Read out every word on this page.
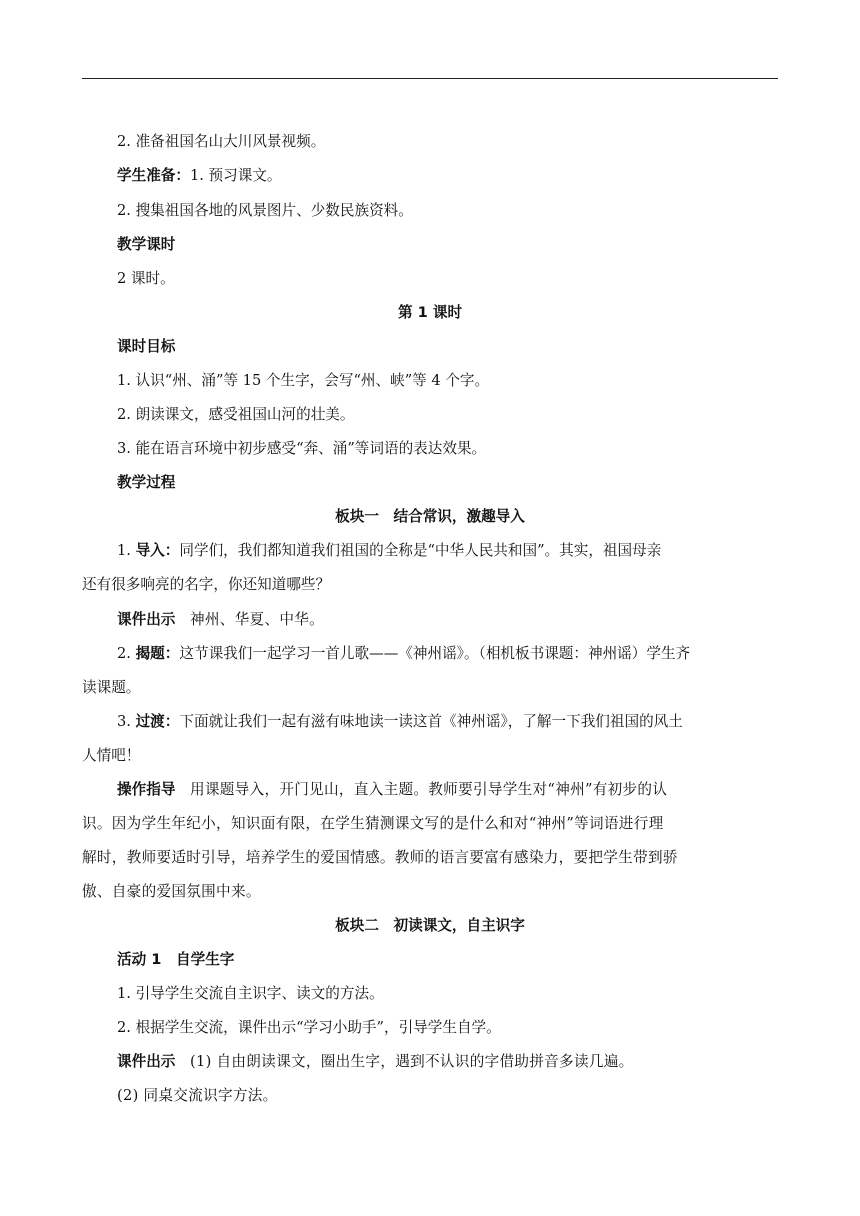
2. 准备祖国名山大川风景视频。
学生准备：1. 预习课文。
2. 搜集祖国各地的风景图片、少数民族资料。
教学课时
2 课时。
第 1 课时
课时目标
1. 认识“州、涌”等 15 个生字，会写“州、峡”等 4 个字。
2. 朗读课文，感受祖国山河的壮美。
3. 能在语言环境中初步感受“奔、涌”等词语的表达效果。
教学过程
板块一　结合常识，激趣导入
1. 导入：同学们，我们都知道我们祖国的全称是“中华人民共和国”。其实，祖国母亲
还有很多响亮的名字，你还知道哪些？
课件出示 神州、华夏、中华。
2. 揭题：这节课我们一起学习一首儿歌——《神州谣》。（相机板书课题：神州谣）学生齐
读课题。
3. 过渡：下面就让我们一起有滋有味地读一读这首《神州谣》，了解一下我们祖国的风土
人情吧！
操作指导 用课题导入，开门见山，直入主题。教师要引导学生对“神州”有初步的认
识。因为学生年纪小，知识面有限，在学生猜测课文写的是什么和对“神州”等词语进行理
解时，教师要适时引导，培养学生的爱国情感。教师的语言要富有感染力，要把学生带到骄
傲、自豪的爱国氛围中来。
板块二　初读课文，自主识字
活动 1　自学生字
1. 引导学生交流自主识字、读文的方法。
2. 根据学生交流，课件出示“学习小助手”，引导学生自学。
课件出示 (1) 自由朗读课文，圈出生字，遇到不认识的字借助拼音多读几遍。
(2) 同桌交流识字方法。
